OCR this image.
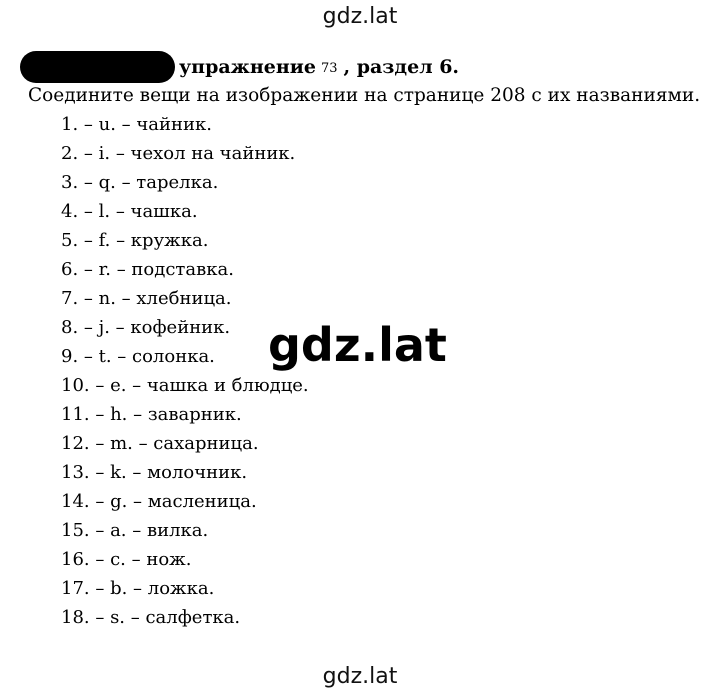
gdz.lat
упражнение 73 , раздел 6.
Соедините вещи на изображении на странице 208 с их названиями.
1. – u. – чайник.
2. – i. – чехол на чайник.
3. – q. – тарелка.
4. – l. – чашка.
5. – f. – кружка.
6. – r. – подставка.
7. – n. – хлебница.
8. – j. – кофейник.
9. – t. – солонка.
10. – e. – чашка и блюдце.
11. – h. – заварник.
12. – m. – сахарница.
13. – k. – молочник.
14. – g. – масленица.
15. – a. – вилка.
16. – c. – нож.
17. – b. – ложка.
18. – s. – салфетка.
gdz.lat
gdz.lat
